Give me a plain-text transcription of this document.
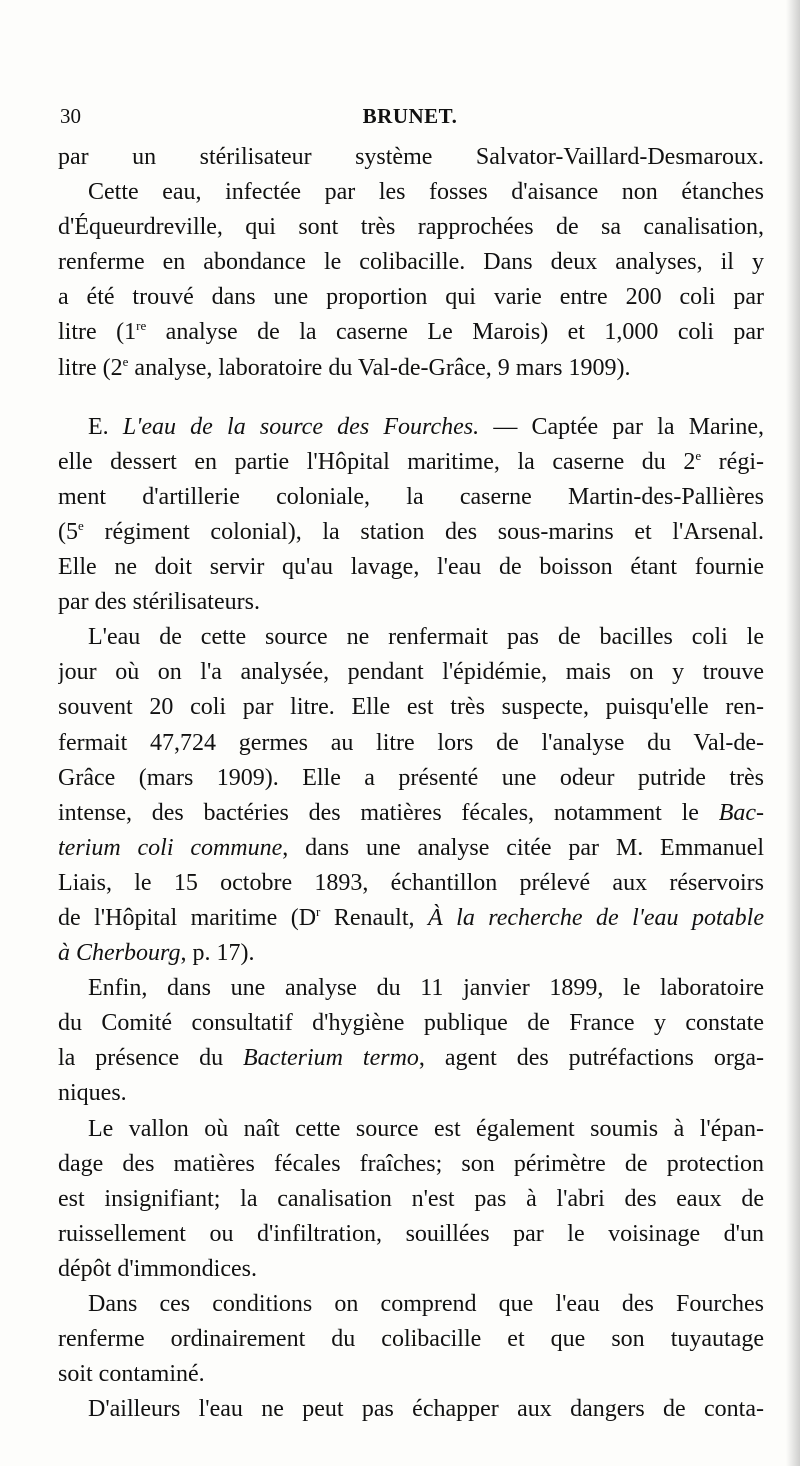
30	BRUNET.
par un stérilisateur système Salvator-Vaillard-Desmaroux.
Cette eau, infectée par les fosses d'aisance non étanches
d'Équeurdreville, qui sont très rapprochées de sa canalisation,
renferme en abondance le colibacille. Dans deux analyses, il y
a été trouvé dans une proportion qui varie entre 200 coli par
litre (1re analyse de la caserne Le Marois) et 1,000 coli par
litre (2e analyse, laboratoire du Val-de-Grâce, 9 mars 1909).
E. L'eau de la source des Fourches. — Captée par la Marine,
elle dessert en partie l'Hôpital maritime, la caserne du 2e régi-
ment d'artillerie coloniale, la caserne Martin-des-Pallières
(5e régiment colonial), la station des sous-marins et l'Arsenal.
Elle ne doit servir qu'au lavage, l'eau de boisson étant fournie
par des stérilisateurs.
L'eau de cette source ne renfermait pas de bacilles coli le
jour où on l'a analysée, pendant l'épidémie, mais on y trouve
souvent 20 coli par litre. Elle est très suspecte, puisqu'elle ren-
fermait 47,724 germes au litre lors de l'analyse du Val-de-
Grâce (mars 1909). Elle a présenté une odeur putride très
intense, des bactéries des matières fécales, notamment le Bac-
terium coli commune, dans une analyse citée par M. Emmanuel
Liais, le 15 octobre 1893, échantillon prélevé aux réservoirs
de l'Hôpital maritime ($D^r$ Renault, À la recherche de l'eau potable
à Cherbourg, p. 17).
Enfin, dans une analyse du 11 janvier 1899, le laboratoire
du Comité consultatif d'hygiène publique de France y constate
la présence du Bacterium termo, agent des putréfactions orga-
niques.
Le vallon où naît cette source est également soumis à l'épan-
dage des matières fécales fraîches; son périmètre de protection
est insignifiant; la canalisation n'est pas à l'abri des eaux de
ruissellement ou d'infiltration, souillées par le voisinage d'un
dépôt d'immondices.
Dans ces conditions on comprend que l'eau des Fourches
renferme ordinairement du colibacille et que son tuyautage
soit contaminé.
D'ailleurs l'eau ne peut pas échapper aux dangers de conta-
